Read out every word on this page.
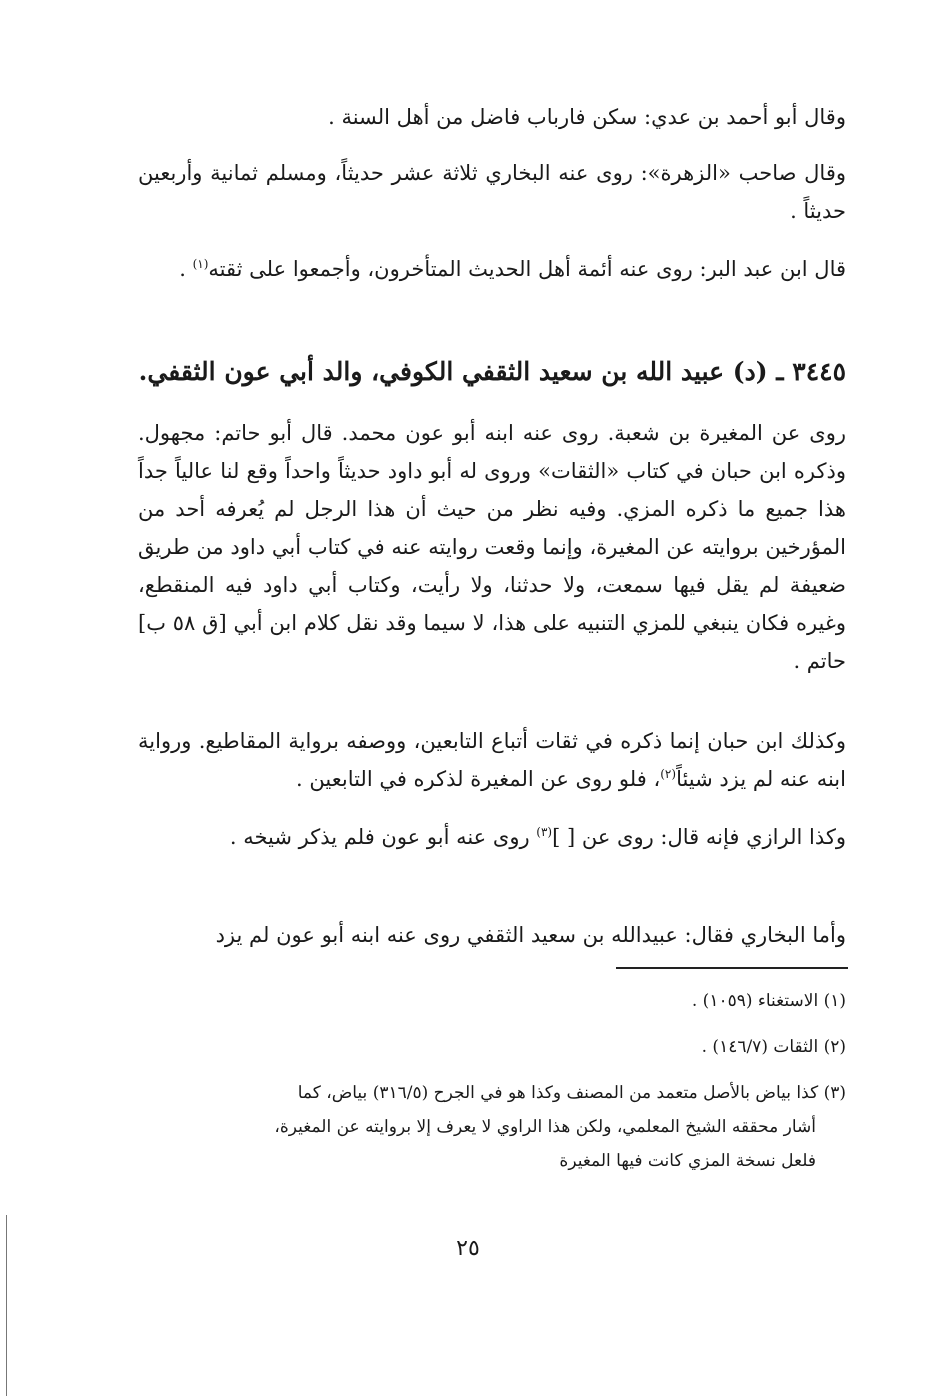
وقال أبو أحمد بن عدي: سكن فارباب فاضل من أهل السنة .

وقال صاحب «الزهرة»: روى عنه البخاري ثلاثة عشر حديثاً، ومسلم ثمانية وأربعين حديثاً .

قال ابن عبد البر: روى عنه أئمة أهل الحديث المتأخرون، وأجمعوا على ثقته$^{(١)}$ .

٣٤٤٥ ـ (د) عبيد الله بن سعيد الثقفي الكوفي، والد أبي عون الثقفي.

روى عن المغيرة بن شعبة. روى عنه ابنه أبو عون محمد. قال أبو حاتم: مجهول. وذكره ابن حبان في كتاب «الثقات» وروى له أبو داود حديثاً واحداً وقع لنا عالياً جداً هذا جميع ما ذكره المزي. وفيه نظر من حيث أن هذا الرجل لم يُعرفه أحد من المؤرخين بروايته عن المغيرة، وإنما وقعت روايته عنه في كتاب أبي داود من طريق ضعيفة لم يقل فيها سمعت، ولا حدثنا، ولا رأيت، وكتاب أبي داود فيه المنقطع، وغيره فكان ينبغي للمزي التنبيه على هذا، لا سيما وقد نقل كلام ابن أبي [ق ٥٨ ب] حاتم .

وكذلك ابن حبان إنما ذكره في ثقات أتباع التابعين، ووصفه برواية المقاطيع. ورواية ابنه عنه لم يزد شيئاً$^{(٢)}$، فلو روى عن المغيرة لذكره في التابعين .

وكذا الرازي فإنه قال: روى عن [ ]$^{(٣)}$ روى عنه أبو عون فلم يذكر شيخه .

وأما البخاري فقال: عبيدالله بن سعيد الثقفي روى عنه ابنه أبو عون لم يزد

(١) الاستغناء (١٠٥٩) .

(٢) الثقات (١٤٦/٧) .

(٣) كذا بياض بالأصل متعمد من المصنف وكذا هو في الجرح (٣١٦/٥) بياض، كما
أشار محققه الشيخ المعلمي، ولكن هذا الراوي لا يعرف إلا بروايته عن المغيرة،
فلعل نسخة المزي كانت فيها المغيرة

٢٥
